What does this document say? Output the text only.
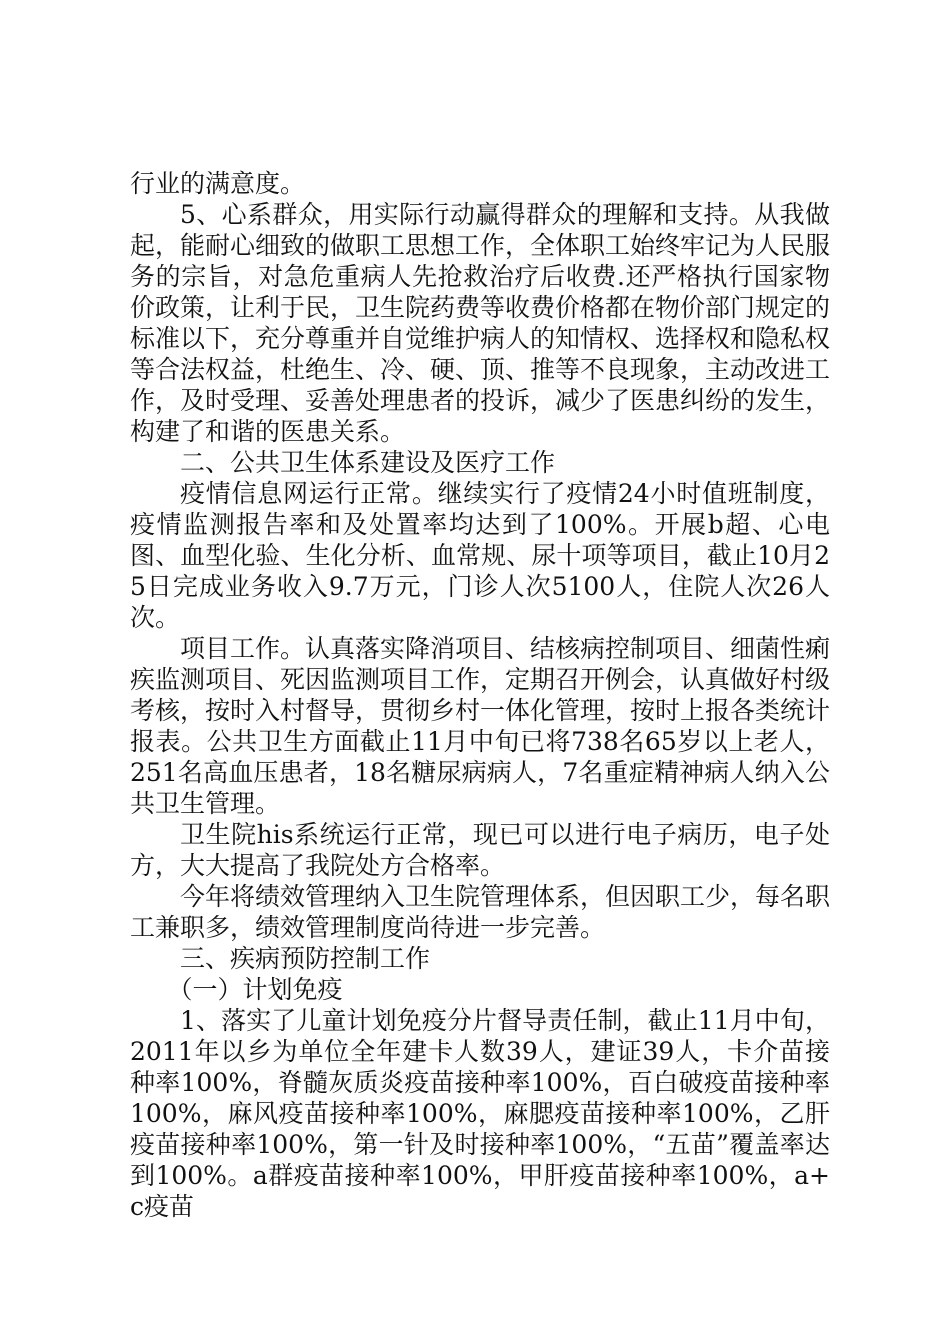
行业的满意度。

5、心系群众，用实际行动赢得群众的理解和支持。从我做起，能耐心细致的做职工思想工作，全体职工始终牢记为人民服务的宗旨，对急危重病人先抢救治疗后收费.还严格执行国家物价政策，让利于民，卫生院药费等收费价格都在物价部门规定的标准以下，充分尊重并自觉维护病人的知情权、选择权和隐私权等合法权益，杜绝生、冷、硬、顶、推等不良现象，主动改进工作，及时受理、妥善处理患者的投诉，减少了医患纠纷的发生，构建了和谐的医患关系。

二、公共卫生体系建设及医疗工作

疫情信息网运行正常。继续实行了疫情24小时值班制度，疫情监测报告率和及处置率均达到了100%。开展b超、心电图、血型化验、生化分析、血常规、尿十项等项目，截止10月25日完成业务收入9.7万元，门诊人次5100人，住院人次26人次。

项目工作。认真落实降消项目、结核病控制项目、细菌性痢疾监测项目、死因监测项目工作，定期召开例会，认真做好村级考核，按时入村督导，贯彻乡村一体化管理，按时上报各类统计报表。公共卫生方面截止11月中旬已将738名65岁以上老人，251名高血压患者，18名糖尿病病人，7名重症精神病人纳入公共卫生管理。

卫生院his系统运行正常，现已可以进行电子病历，电子处方，大大提高了我院处方合格率。

今年将绩效管理纳入卫生院管理体系，但因职工少，每名职工兼职多，绩效管理制度尚待进一步完善。

三、疾病预防控制工作

（一）计划免疫

1、落实了儿童计划免疫分片督导责任制，截止11月中旬，2011年以乡为单位全年建卡人数39人，建证39人，卡介苗接种率100%，脊髓灰质炎疫苗接种率100%，百白破疫苗接种率100%，麻风疫苗接种率100%，麻腮疫苗接种率100%，乙肝疫苗接种率100%，第一针及时接种率100%，“五苗”覆盖率达到100%。a群疫苗接种率100%，甲肝疫苗接种率100%，a+c疫苗
